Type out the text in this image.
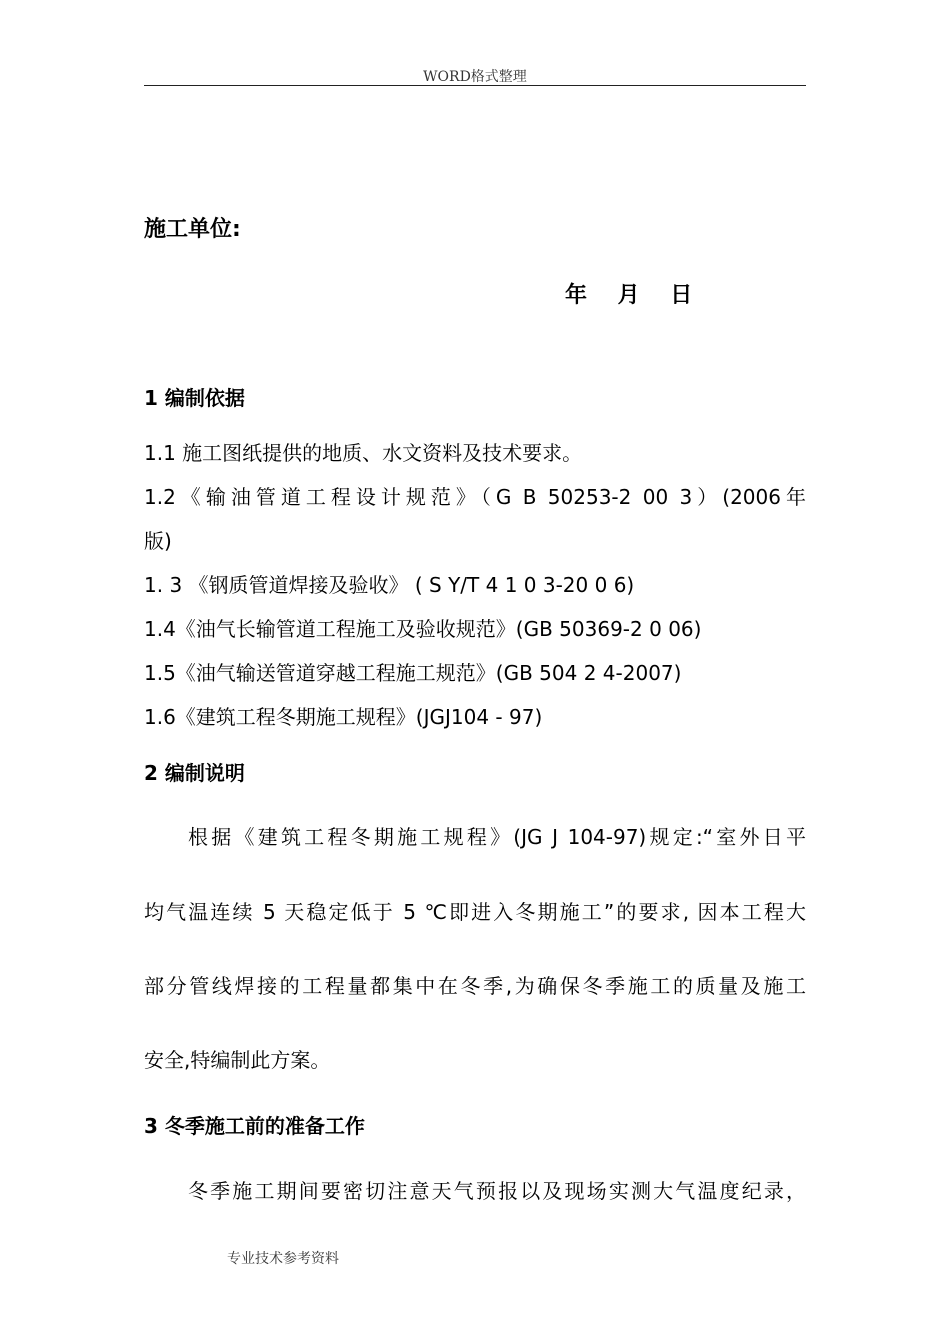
WORD格式整理
施工单位:
年    月    日
1 编制依据
1.1 施工图纸提供的地质、水文资料及技术要求。
1.2《输油管道工程设计规范》（G B 50253-2 00 3）(2006年
版)
1. 3 《钢质管道焊接及验收》 ( S Y/T 4 1 0 3-20 0 6)
1.4《油气长输管道工程施工及验收规范》(GB 50369-2 0 06)
1.5《油气输送管道穿越工程施工规范》(GB 504 2 4-2007)
1.6《建筑工程冬期施工规程》(JGJ104 - 97)
2 编制说明
根据《建筑工程冬期施工规程》(JG J 104-97)规定:“室外日平
均气温连续 5 天稳定低于 5 ℃即进入冬期施工”的要求, 因本工程大
部分管线焊接的工程量都集中在冬季,为确保冬季施工的质量及施工
安全,特编制此方案。
3 冬季施工前的准备工作
冬季施工期间要密切注意天气预报以及现场实测大气温度纪录，
专业技术参考资料
